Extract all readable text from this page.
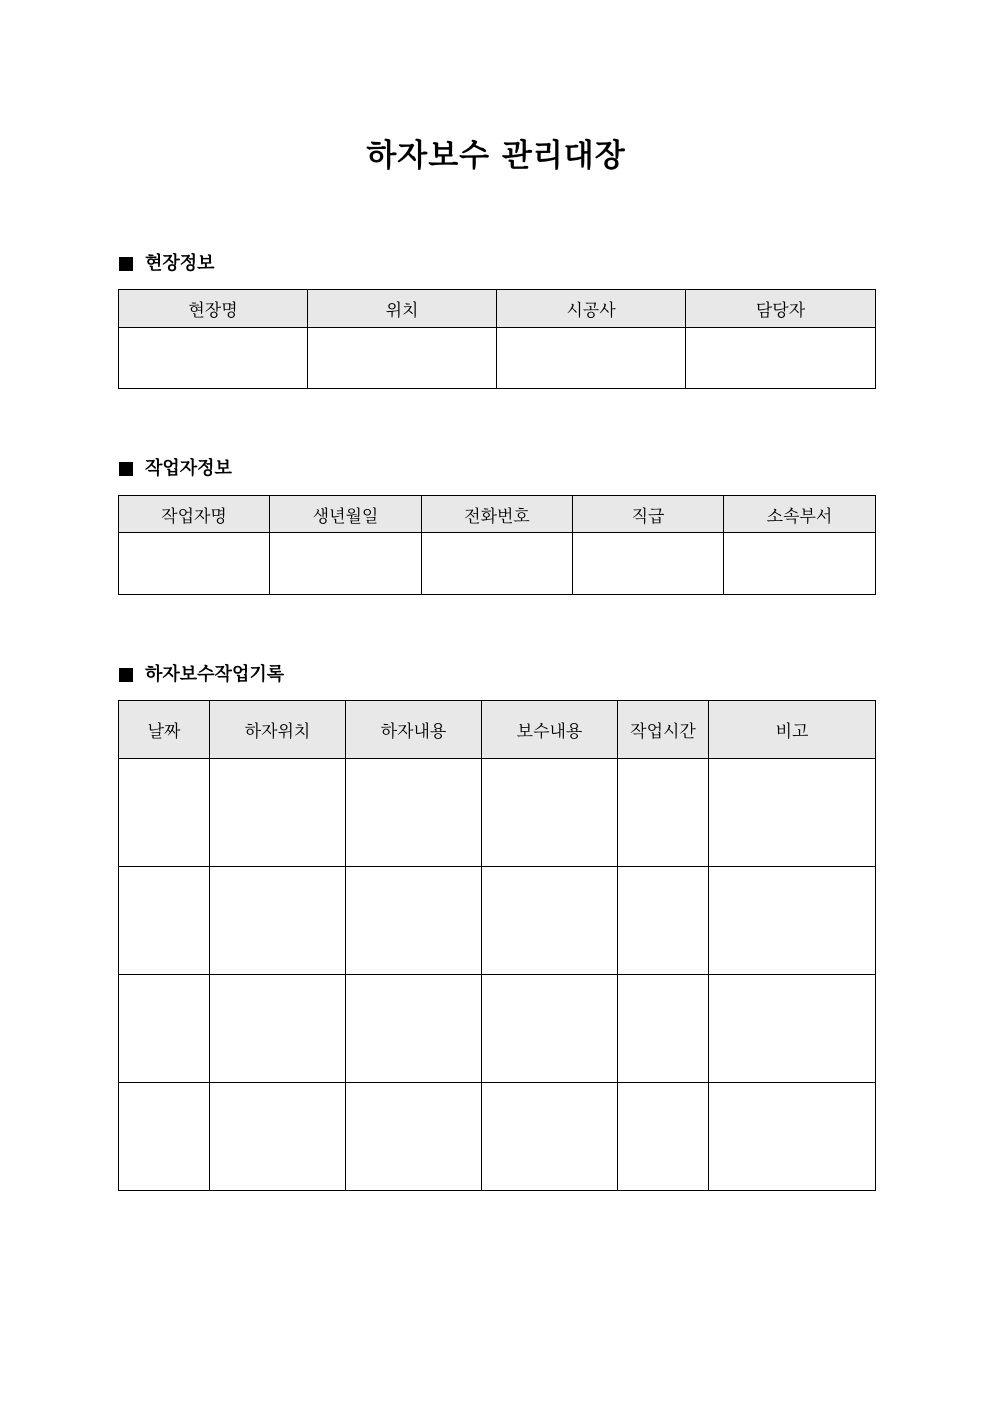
하자보수 관리대장
현장정보
현장명	위치	시공사	담당자

작업자정보
작업자명	생년월일	전화번호	직급	소속부서

하자보수작업기록
날짜	하자위치	하자내용	보수내용	작업시간	비고
